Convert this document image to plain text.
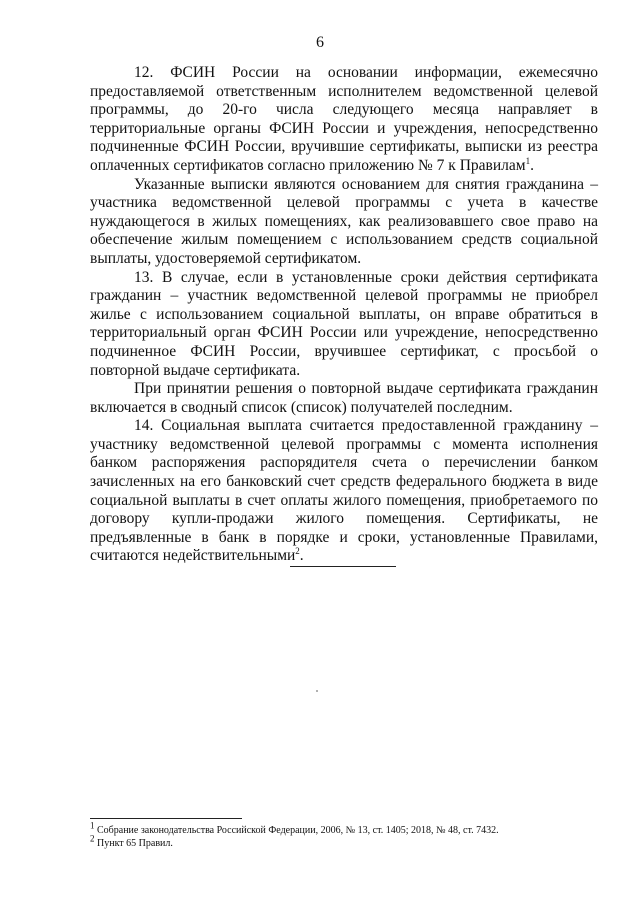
6

12. ФСИН России на основании информации, ежемесячно предоставляемой ответственным исполнителем ведомственной целевой программы, до 20-го числа следующего месяца направляет в территориальные органы ФСИН России и учреждения, непосредственно подчиненные ФСИН России, вручившие сертификаты, выписки из реестра оплаченных сертификатов согласно приложению № 7 к Правилам$^1$.

Указанные выписки являются основанием для снятия гражданина – участника ведомственной целевой программы с учета в качестве нуждающегося в жилых помещениях, как реализовавшего свое право на обеспечение жилым помещением с использованием средств социальной выплаты, удостоверяемой сертификатом.

13. В случае, если в установленные сроки действия сертификата гражданин – участник ведомственной целевой программы не приобрел жилье с использованием социальной выплаты, он вправе обратиться в территориальный орган ФСИН России или учреждение, непосредственно подчиненное ФСИН России, вручившее сертификат, с просьбой о повторной выдаче сертификата.

При принятии решения о повторной выдаче сертификата гражданин включается в сводный список (список) получателей последним.

14. Социальная выплата считается предоставленной гражданину – участнику ведомственной целевой программы с момента исполнения банком распоряжения распорядителя счета о перечислении банком зачисленных на его банковский счет средств федерального бюджета в виде социальной выплаты в счет оплаты жилого помещения, приобретаемого по договору купли-продажи жилого помещения. Сертификаты, не предъявленные в банк в порядке и сроки, установленные Правилами, считаются недействительными$^2$.

$^1$ Собрание законодательства Российской Федерации, 2006, № 13, ст. 1405; 2018, № 48, ст. 7432.

$^2$ Пункт 65 Правил.
